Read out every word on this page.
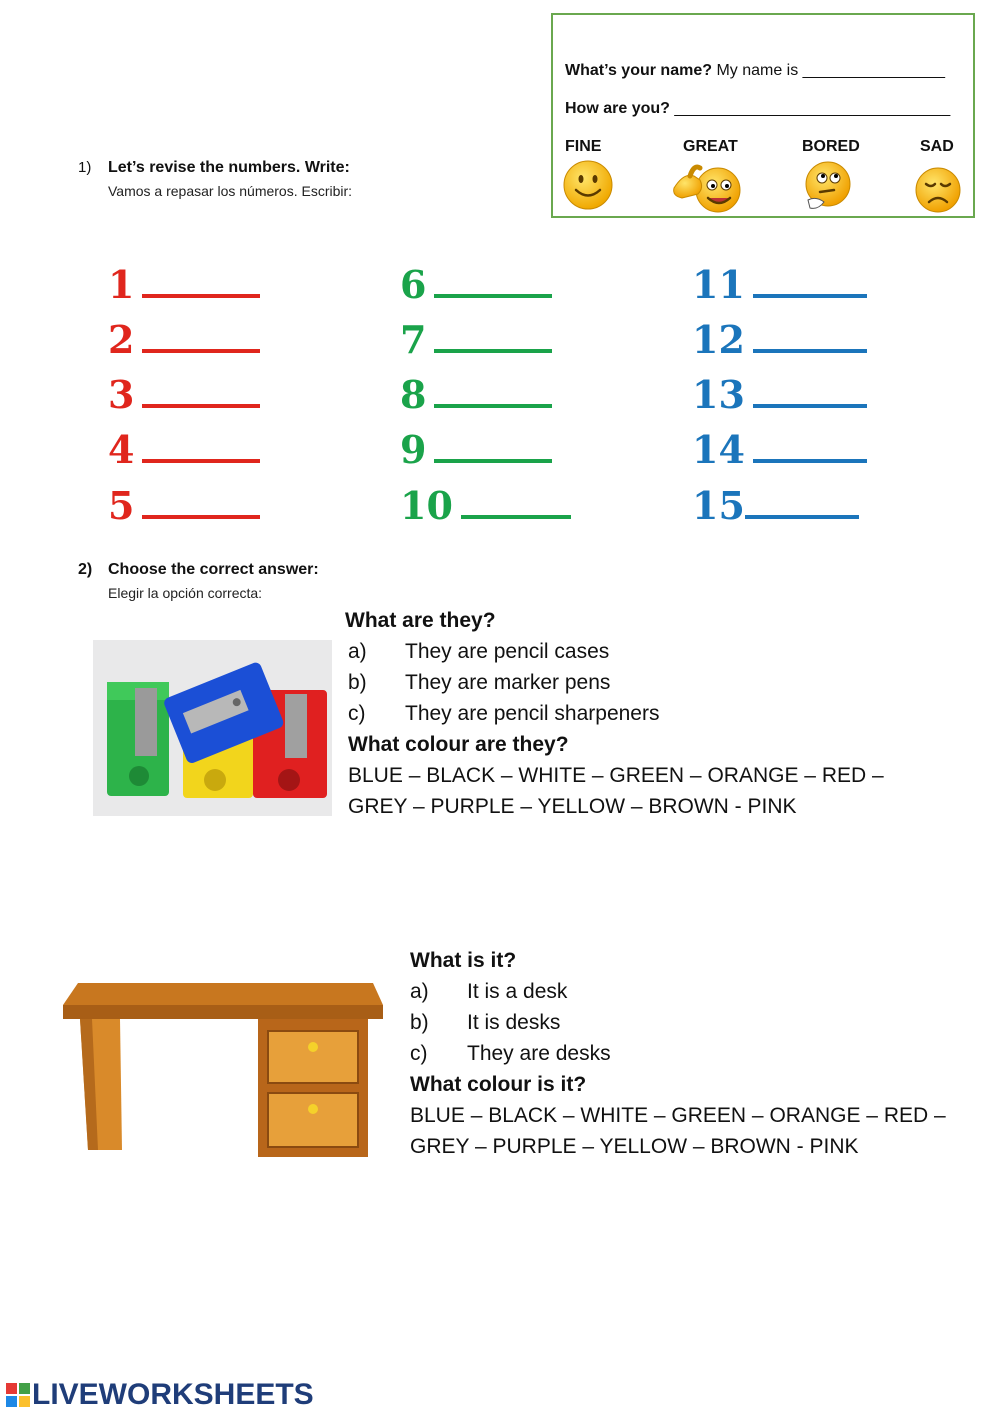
What’s your name? My name is ________________
How are you? _______________________________
FINE	GREAT	BORED	SAD
1) Let’s revise the numbers. Write:
Vamos a repasar los números. Escribir:
1
2
3
4
5
6
7
8
9
10
11
12
13
14
15
2) Choose the correct answer:
Elegir la opción correcta:
What are they?
a) They are pencil cases
b) They are marker pens
c) They are pencil sharpeners
What colour are they?
BLUE – BLACK – WHITE – GREEN – ORANGE – RED –
GREY – PURPLE – YELLOW – BROWN - PINK
What is it?
a) It is a desk
b) It is desks
c) They are desks
What colour is it?
BLUE – BLACK – WHITE – GREEN – ORANGE – RED –
GREY – PURPLE – YELLOW – BROWN - PINK
LIVEWORKSHEETS
